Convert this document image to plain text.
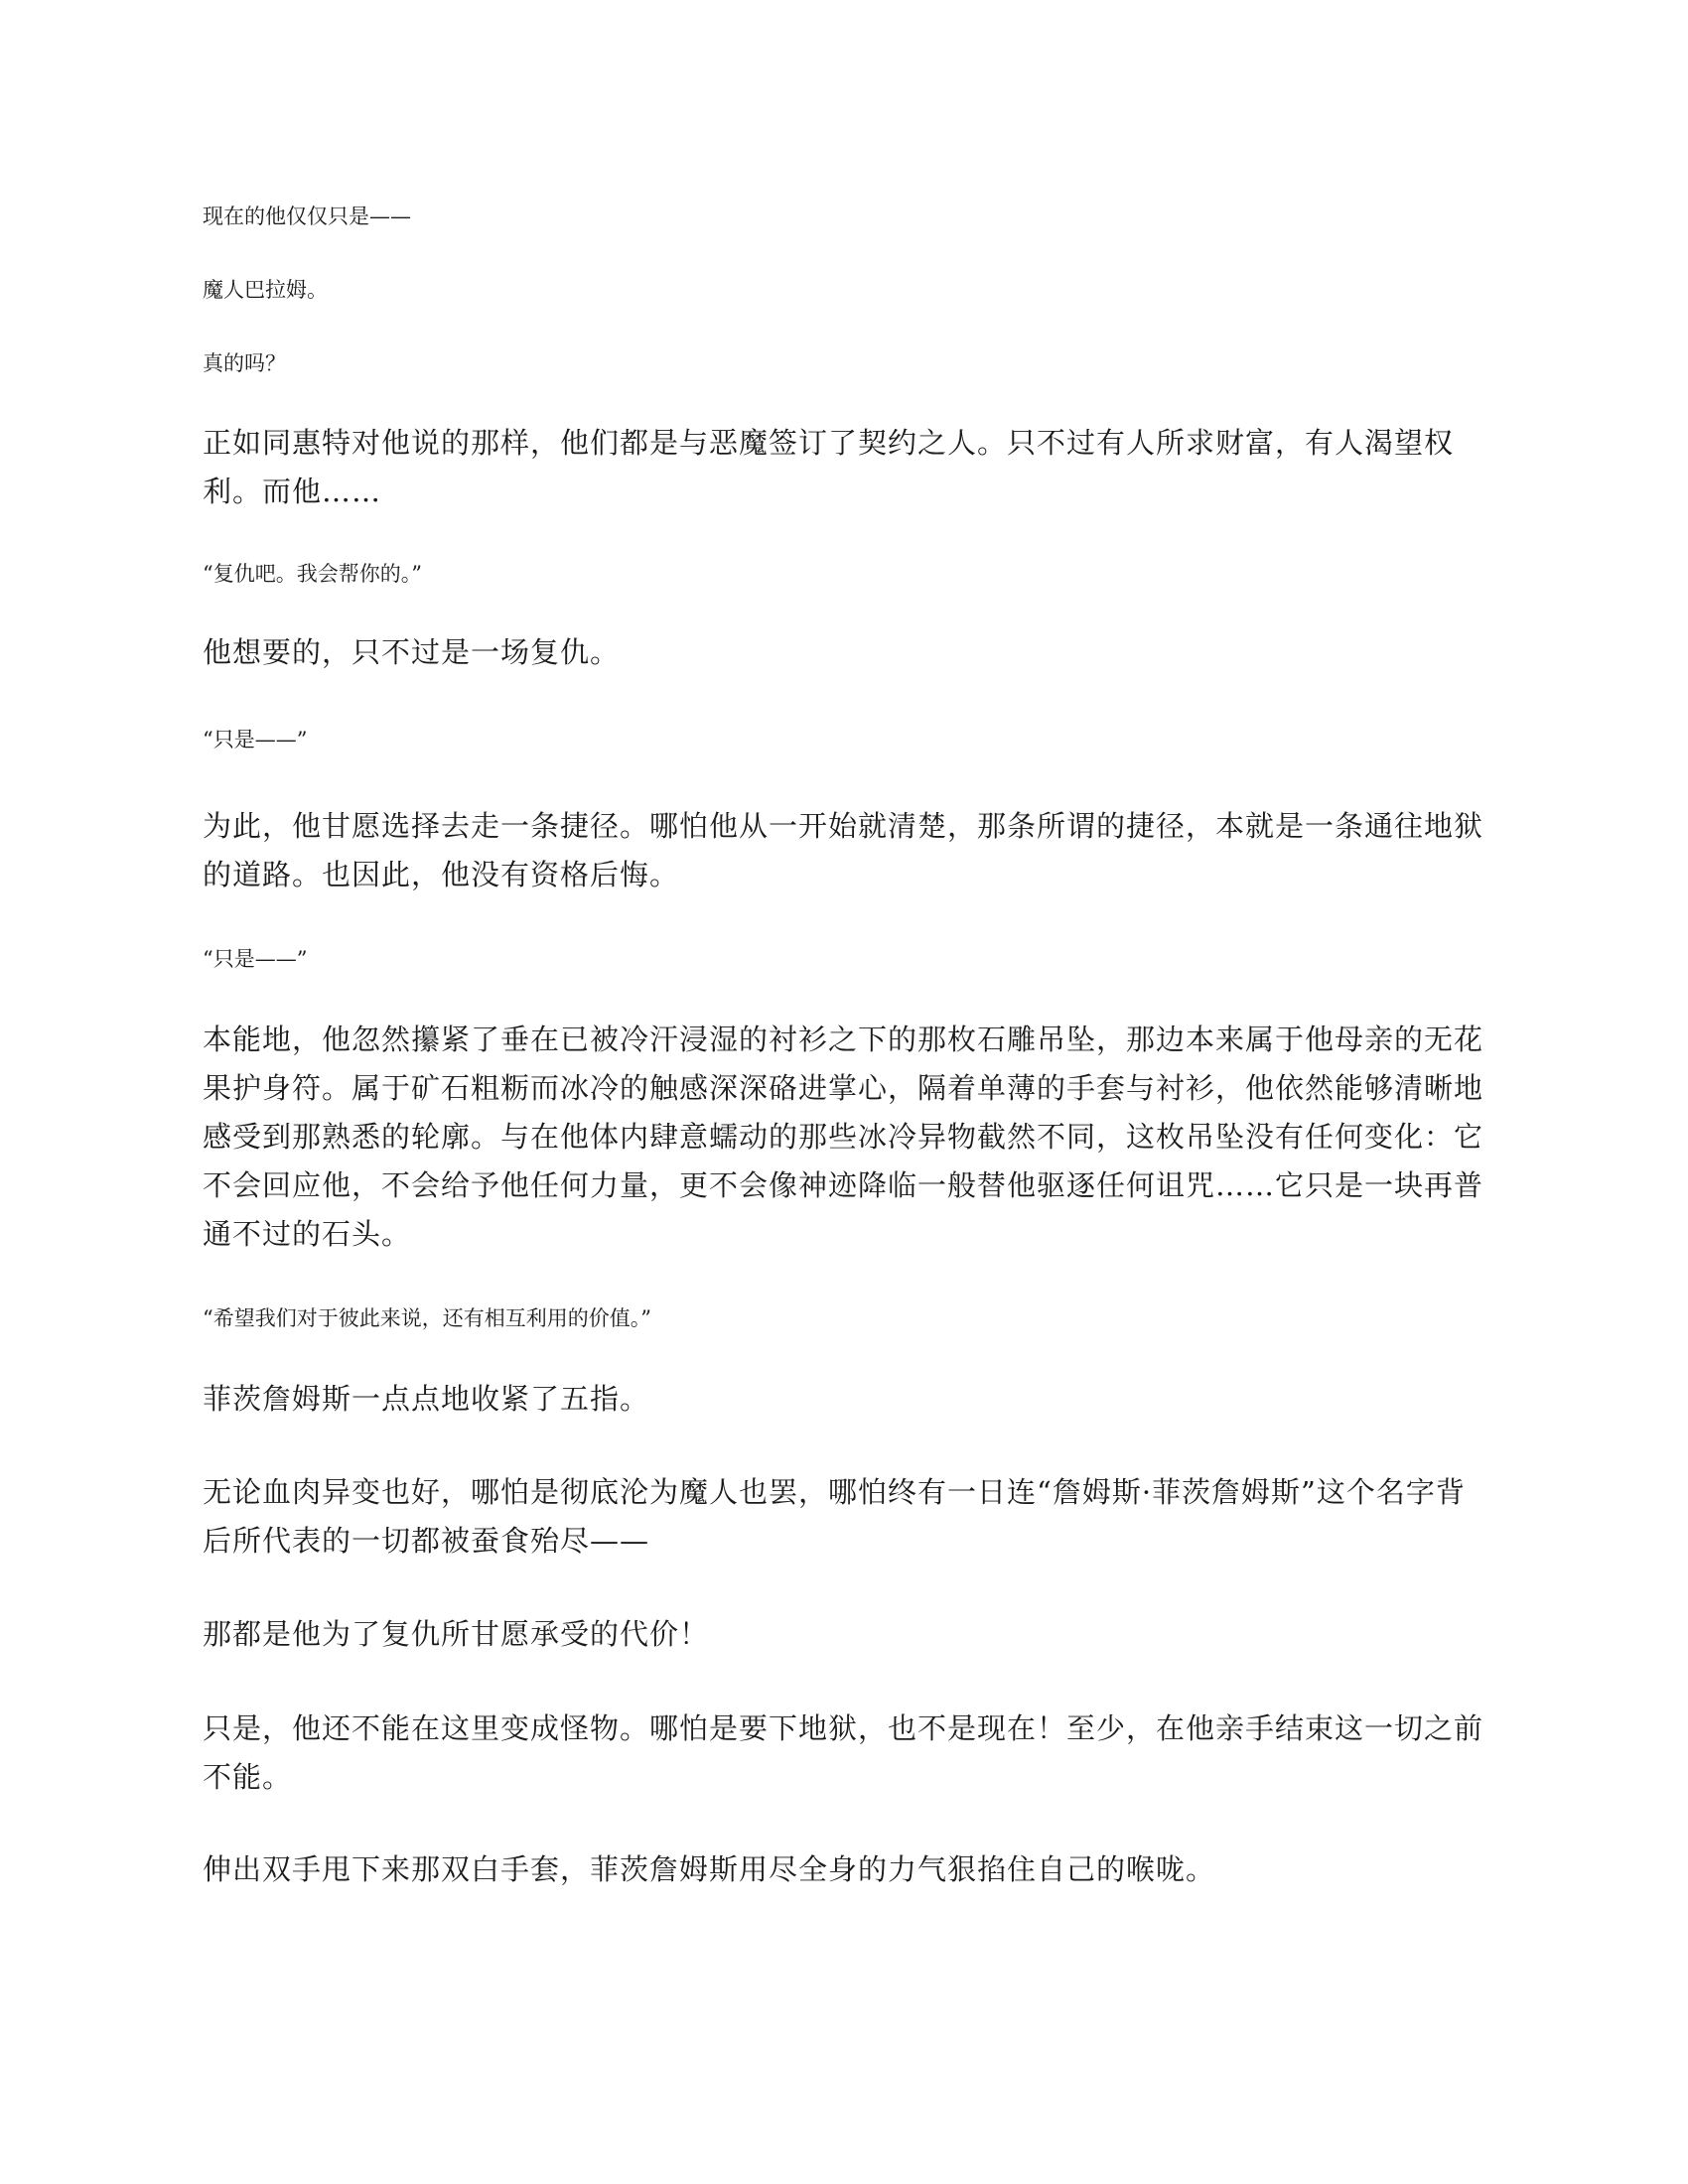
现在的他仅仅只是——

魔人巴拉姆。

真的吗？

正如同惠特对他说的那样，他们都是与恶魔签订了契约之人。只不过有人所求财富，有人渴望权利。而他……

“复仇吧。我会帮你的。”

他想要的，只不过是一场复仇。

“只是——”

为此，他甘愿选择去走一条捷径。哪怕他从一开始就清楚，那条所谓的捷径，本就是一条通往地狱的道路。也因此，他没有资格后悔。

“只是——”

本能地，他忽然攥紧了垂在已被冷汗浸湿的衬衫之下的那枚石雕吊坠，那边本来属于他母亲的无花果护身符。属于矿石粗粝而冰冷的触感深深硌进掌心，隔着单薄的手套与衬衫，他依然能够清晰地感受到那熟悉的轮廓。与在他体内肆意蠕动的那些冰冷异物截然不同，这枚吊坠没有任何变化：它不会回应他，不会给予他任何力量，更不会像神迹降临一般替他驱逐任何诅咒……它只是一块再普通不过的石头。

“希望我们对于彼此来说，还有相互利用的价值。”

菲茨詹姆斯一点点地收紧了五指。

无论血肉异变也好，哪怕是彻底沦为魔人也罢，哪怕终有一日连“詹姆斯·菲茨詹姆斯”这个名字背后所代表的一切都被蚕食殆尽——

那都是他为了复仇所甘愿承受的代价！

只是，他还不能在这里变成怪物。哪怕是要下地狱，也不是现在！至少，在他亲手结束这一切之前不能。

伸出双手甩下来那双白手套，菲茨詹姆斯用尽全身的力气狠掐住自己的喉咙。
